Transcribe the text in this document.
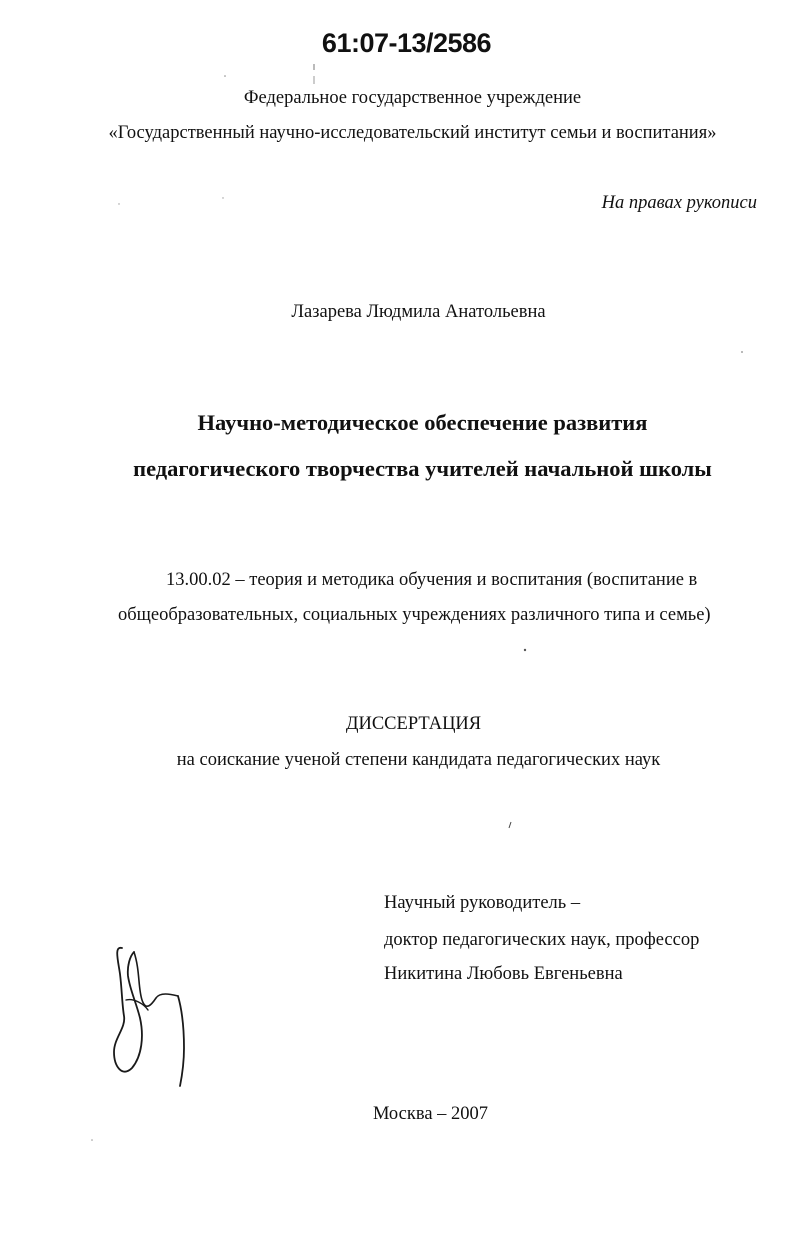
61:07-13/2586

Федеральное государственное учреждение

«Государственный научно-исследовательский институт семьи и воспитания»

На правах рукописи

Лазарева Людмила Анатольевна

Научно-методическое обеспечение развития
педагогического творчества учителей начальной школы

13.00.02 – теория и методика обучения и воспитания (воспитание в

общеобразовательных, социальных учреждениях различного типа и семье)

ДИССЕРТАЦИЯ

на соискание ученой степени кандидата педагогических наук

Научный руководитель –

доктор педагогических наук, профессор

Никитина Любовь Евгеньевна

Москва – 2007
